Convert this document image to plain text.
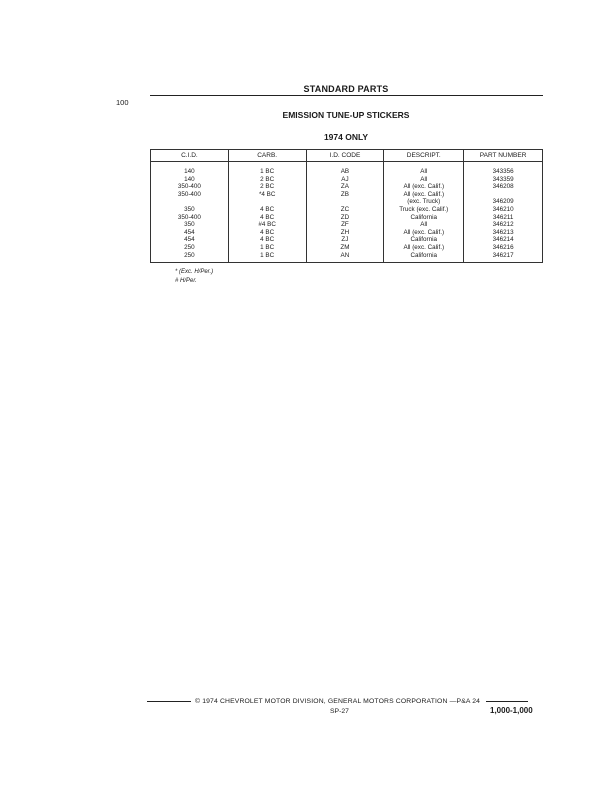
100
STANDARD PARTS
EMISSION TUNE-UP STICKERS
1974 ONLY
C.I.D.	CARB.	I.D. CODE	DESCRIPT.	PART NUMBER
140	1 BC	AB	All	343356
140	2 BC	AJ	All	343359
350-400	2 BC	ZA	All (exc. Calif.)	346208
350-400	*4 BC	ZB	All (exc. Calif.)	
			(exc. Truck)	346209
350	4 BC	ZC	Truck (exc. Calif.)	346210
350-400	4 BC	ZD	California	346211
350	#4 BC	ZF	All	346212
454	4 BC	ZH	All (exc. Calif.)	346213
454	4 BC	ZJ	California	346214
250	1 BC	ZM	All (exc. Calif.)	346216
250	1 BC	AN	California	346217
* (Exc. H/Per.)
# H/Per.
© 1974 CHEVROLET MOTOR DIVISION, GENERAL MOTORS CORPORATION —P&A 24
SP-27	1,000-1,000
